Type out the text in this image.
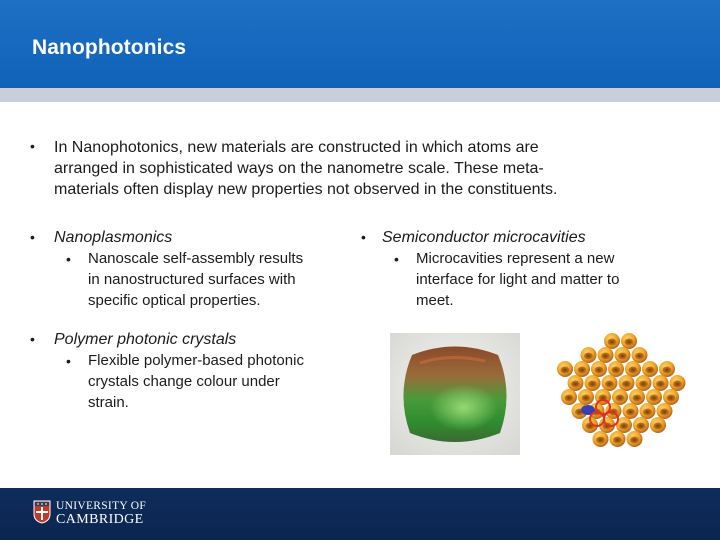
Nanophotonics
• In Nanophotonics, new materials are constructed in which atoms are
arranged in sophisticated ways on the nanometre scale. These meta-
materials often display new properties not observed in the constituents.
• Nanoplasmonics
• Nanoscale self-assembly results
in nanostructured surfaces with
specific optical properties.
• Semiconductor microcavities
• Microcavities represent a new
interface for light and matter to
meet.
• Polymer photonic crystals
• Flexible polymer-based photonic
crystals change colour under
strain.
UNIVERSITY OF
CAMBRIDGE
